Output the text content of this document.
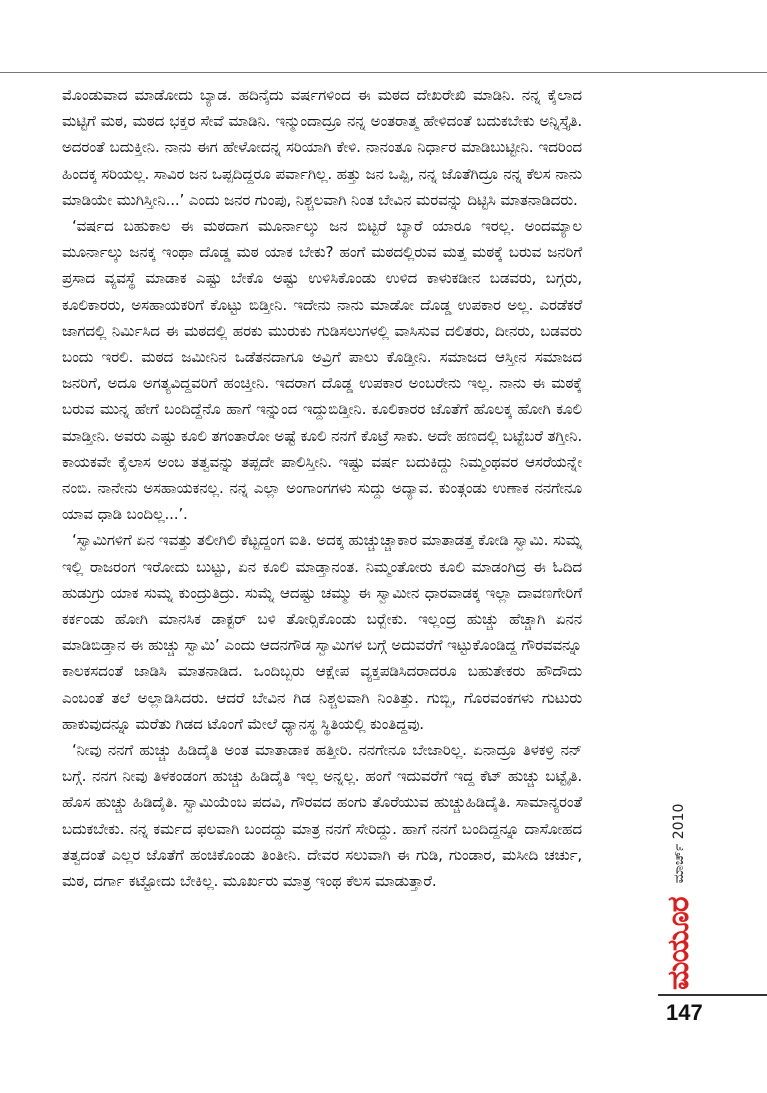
ಮೊಂಡುವಾದ ಮಾಡೋದು ಬ್ಯಾಡ. ಹದಿನೈದು ವರ್ಷಗಳಿಂದ ಈ ಮಠದ ದೇಖರೇಖಿ ಮಾಡಿನಿ. ನನ್ನ ಕೈಲಾದ ಮಟ್ಟಿಗೆ ಮಠ, ಮಠದ ಭಕ್ತರ ಸೇವೆ ಮಾಡಿನಿ. ಇನ್ಮುಂದಾದ್ರೂ ನನ್ನ ಅಂತರಾತ್ಮ ಹೇಳಿದಂತೆ ಬದುಕಬೇಕು ಅನ್ನಿಸ್ತೈತಿ. ಅದರಂತೆ ಬದುಕ್ತೀನಿ. ನಾನು ಈಗ ಹೇಳೋದನ್ನ ಸರಿಯಾಗಿ ಕೇಳಿ. ನಾನಂತೂ ನಿರ್ಧಾರ ಮಾಡಿಬುಟ್ಟೀನಿ. ಇದರಿಂದ ಹಿಂದಕ್ಕ ಸರಿಯಲ್ಲ. ಸಾವಿರ ಜನ ಒಪ್ಪದಿದ್ದರೂ ಪರ್ವಾಗಿಲ್ಲ. ಹತ್ತು ಜನ ಒಪ್ಪಿ, ನನ್ನ ಜೊತೆಗಿದ್ರೂ ನನ್ನ ಕೆಲಸ ನಾನು ಮಾಡಿಯೇ ಮುಗಿಸ್ತೀನಿ...’ ಎಂದು ಜನರ ಗುಂಪು, ನಿಶ್ಚಲವಾಗಿ ನಿಂತ ಬೇವಿನ ಮರವನ್ನು ದಿಟ್ಟಿಸಿ ಮಾತನಾಡಿದರು.

‘ವರ್ಷದ ಬಹುಕಾಲ ಈ ಮಠದಾಗ ಮೂರ್ನಾಲ್ಕು ಜನ ಬಿಟ್ಟರೆ ಬ್ಯಾರೆ ಯಾರೂ ಇರಲ್ಲ. ಅಂದಮ್ಯಾಲ ಮೂರ್ನಾಲ್ಕು ಜನಕ್ಕ ಇಂಥಾ ದೊಡ್ಡ ಮಠ ಯಾಕ ಬೇಕು? ಹಂಗೆ ಮಠದಲ್ಲಿರುವ ಮತ್ತ ಮಠಕ್ಕೆ ಬರುವ ಜನರಿಗೆ ಪ್ರಸಾದ ವ್ಯವಸ್ಥೆ ಮಾಡಾಕ ಎಷ್ಟು ಬೇಕೊ ಅಷ್ಟು ಉಳಿಸಿಕೊಂಡು ಉಳಿದ ಕಾಳುಕಡೀನ ಬಡವರು, ಬಗ್ಗರು, ಕೂಲಿಕಾರರು, ಅಸಹಾಯಕರಿಗೆ ಕೊಟ್ಟು ಬಿಡ್ತೀನಿ. ಇದೇನು ನಾನು ಮಾಡೋ ದೊಡ್ಡ ಉಪಕಾರ ಅಲ್ಲ. ಎರಡೆಕರೆ ಜಾಗದಲ್ಲಿ ನಿರ್ಮಿಸಿದ ಈ ಮಠದಲ್ಲಿ ಹರಕು ಮುರುಕು ಗುಡಿಸಲುಗಳಲ್ಲಿ ವಾಸಿಸುವ ದಲಿತರು, ದೀನರು, ಬಡವರು ಬಂದು ಇರಲಿ. ಮಠದ ಜಮೀನಿನ ಒಡೆತನದಾಗೂ ಅವ್ರಿಗೆ ಪಾಲು ಕೊಡ್ತೀನಿ. ಸಮಾಜದ ಆಸ್ತೀನ ಸಮಾಜದ ಜನರಿಗೆ, ಅದೂ ಅಗತ್ಯವಿದ್ದವರಿಗೆ ಹಂಚ್ತೀನಿ. ಇದರಾಗ ದೊಡ್ಡ ಉಪಕಾರ ಅಂಬರೇನು ಇಲ್ಲ. ನಾನು ಈ ಮಠಕ್ಕೆ ಬರುವ ಮುನ್ನ ಹೇಗೆ ಬಂದಿದ್ದೆನೊ ಹಾಗೆ ಇನ್ನುಂದ ಇದ್ದುಬಿಡ್ತೀನಿ. ಕೂಲಿಕಾರರ ಜೊತೆಗೆ ಹೊಲಕ್ಕ ಹೋಗಿ ಕೂಲಿ ಮಾಡ್ತೀನಿ. ಅವರು ಎಷ್ಟು ಕೂಲಿ ತಗಂತಾರೋ ಅಷ್ಟೆ ಕೂಲಿ ನನಗೆ ಕೊಟ್ರೆ ಸಾಕು. ಅದೇ ಹಣದಲ್ಲಿ ಬಟ್ಟೆಬರೆ ತಗ್ತೀನಿ. ಕಾಯಕವೇ ಕೈಲಾಸ ಅಂಬ ತತ್ವವನ್ನು ತಪ್ಪದೇ ಪಾಲಿಸ್ತೀನಿ. ಇಷ್ಟು ವರ್ಷ ಬದುಕಿದ್ದು ನಿಮ್ಮಂಥವರ ಆಸರೆಯನ್ನೇ ನಂಬಿ. ನಾನೇನು ಅಸಹಾಯಕನಲ್ಲ. ನನ್ನ ಎಲ್ಲಾ ಅಂಗಾಂಗಗಳು ಸುದ್ದು ಅದ್ಯಾವ. ಕುಂತ್ಗಂಡು ಉಣಾಕ ನನಗೇನೂ ಯಾವ ಧಾಡಿ ಬಂದಿಲ್ಲ...’.

‘ಸ್ವಾಮಿಗಳಿಗೆ ಏನ ಇವತ್ತು ತಲೀಗಿಲಿ ಕೆಟ್ಟದ್ದಂಗ ಐತಿ. ಅದಕ್ಕ ಹುಚ್ಚುಚ್ಚಾಕಾರ ಮಾತಾಡತ್ತ ಕೋಡಿ ಸ್ವಾಮಿ. ಸುಮ್ನ ಇಲ್ಲಿ ರಾಜರಂಗ ಇರೋದು ಬುಟ್ಟು, ಏನ ಕೂಲಿ ಮಾಡ್ತಾನಂತ. ನಿಮ್ಮಂತೋರು ಕೂಲಿ ಮಾಡಂಗಿದ್ರ ಈ ಓದಿದ ಹುಡುಗ್ರು ಯಾಕ ಸುಮ್ನ ಕುಂದ್ರುತಿದ್ರು. ಸುಮ್ನೆ ಆದಷ್ಟು ಚಮ್ಮು ಈ ಸ್ವಾಮೀನ ಧಾರವಾಡಕ್ಕ ಇಲ್ಲಾ ದಾವಣಗೇರಿಗೆ ಕರ್ಕಂಡು ಹೋಗಿ ಮಾನಸಿಕ ಡಾಕ್ಟರ್ ಬಳಿ ತೋರ್‍ಸಿಕೊಂಡು ಬರ್‍ಬೇಕು. ಇಲ್ಲಂದ್ರ ಹುಚ್ಚು ಹೆಚ್ಚಾಗಿ ಏನನ ಮಾಡಿಬಿಡ್ತಾನ ಈ ಹುಚ್ಚು ಸ್ವಾಮಿ’ ಎಂದು ಆದನಗೌಡ ಸ್ವಾಮಿಗಳ ಬಗ್ಗೆ ಅದುವರೆಗೆ ಇಟ್ಟುಕೊಂಡಿದ್ದ ಗೌರವವನ್ನೂ ಕಾಲಕಸದಂತೆ ಜಾಡಿಸಿ ಮಾತನಾಡಿದ. ಒಂದಿಬ್ಬರು ಆಕ್ಷೇಪ ವ್ಯಕ್ತಪಡಿಸಿದರಾದರೂ ಬಹುತೇಕರು ಹೌದೌದು ಎಂಬಂತೆ ತಲೆ ಅಲ್ಲಾಡಿಸಿದರು. ಆದರೆ ಬೇವಿನ ಗಿಡ ನಿಶ್ಚಲವಾಗಿ ನಿಂತಿತ್ತು. ಗುಬ್ಬಿ, ಗೊರವಂಕಗಳು ಗುಟುರು ಹಾಕುವುದನ್ನೂ ಮರೆತು ಗಿಡದ ಟೊಂಗೆ ಮೇಲೆ ಧ್ಯಾನಸ್ಥ ಸ್ಥಿತಿಯಲ್ಲಿ ಕುಂತಿದ್ದವು.

‘ನೀವು ನನಗೆ ಹುಚ್ಚು ಹಿಡಿದೈತಿ ಅಂತ ಮಾತಾಡಾಕ ಹತ್ತೀರಿ. ನನಗೇನೂ ಬೇಜಾರಿಲ್ಲ. ಏನಾದ್ರೂ ತಿಳಕಳ್ರಿ ನನ್ ಬಗ್ಗೆ. ನನಗ ನೀವು ತಿಳಕಂಡಂಗ ಹುಚ್ಚು ಹಿಡಿದೈತಿ ಇಲ್ಲ ಅನ್ನಲ್ಲ. ಹಂಗೆ ಇದುವರೆಗೆ ಇದ್ದ ಕೆಟ್ ಹುಚ್ಚು ಬಟ್ಟೈತಿ. ಹೊಸ ಹುಚ್ಚು ಹಿಡಿದೈತಿ. ಸ್ವಾಮಿಯೆಂಬ ಪದವಿ, ಗೌರವದ ಹಂಗು ತೊರೆಯುವ ಹುಚ್ಚುಹಿಡಿದೈತಿ. ಸಾಮಾನ್ಯರಂತೆ ಬದುಕಬೇಕು. ನನ್ನ ಕರ್ಮದ ಫಲವಾಗಿ ಬಂದದ್ದು ಮಾತ್ರ ನನಗೆ ಸೇರಿದ್ದು. ಹಾಗೆ ನನಗೆ ಬಂದಿದ್ದನ್ನೂ ದಾಸೋಹದ ತತ್ವದಂತೆ ಎಲ್ಲರ ಜೊತೆಗೆ ಹಂಚಿಕೊಂಡು ತಿಂತೀನಿ. ದೇವರ ಸಲುವಾಗಿ ಈ ಗುಡಿ, ಗುಂಡಾರ, ಮಸೀದಿ ಚರ್ಚು, ಮಠ, ದರ್ಗಾ ಕಟ್ಟೋದು ಬೇಕಿಲ್ಲ. ಮೂರ್ಖರು ಮಾತ್ರ ಇಂಥ ಕೆಲಸ ಮಾಡುತ್ತಾರೆ.

ಮಯೂರ
ಮಾರ್ಚ್ 2010
147
